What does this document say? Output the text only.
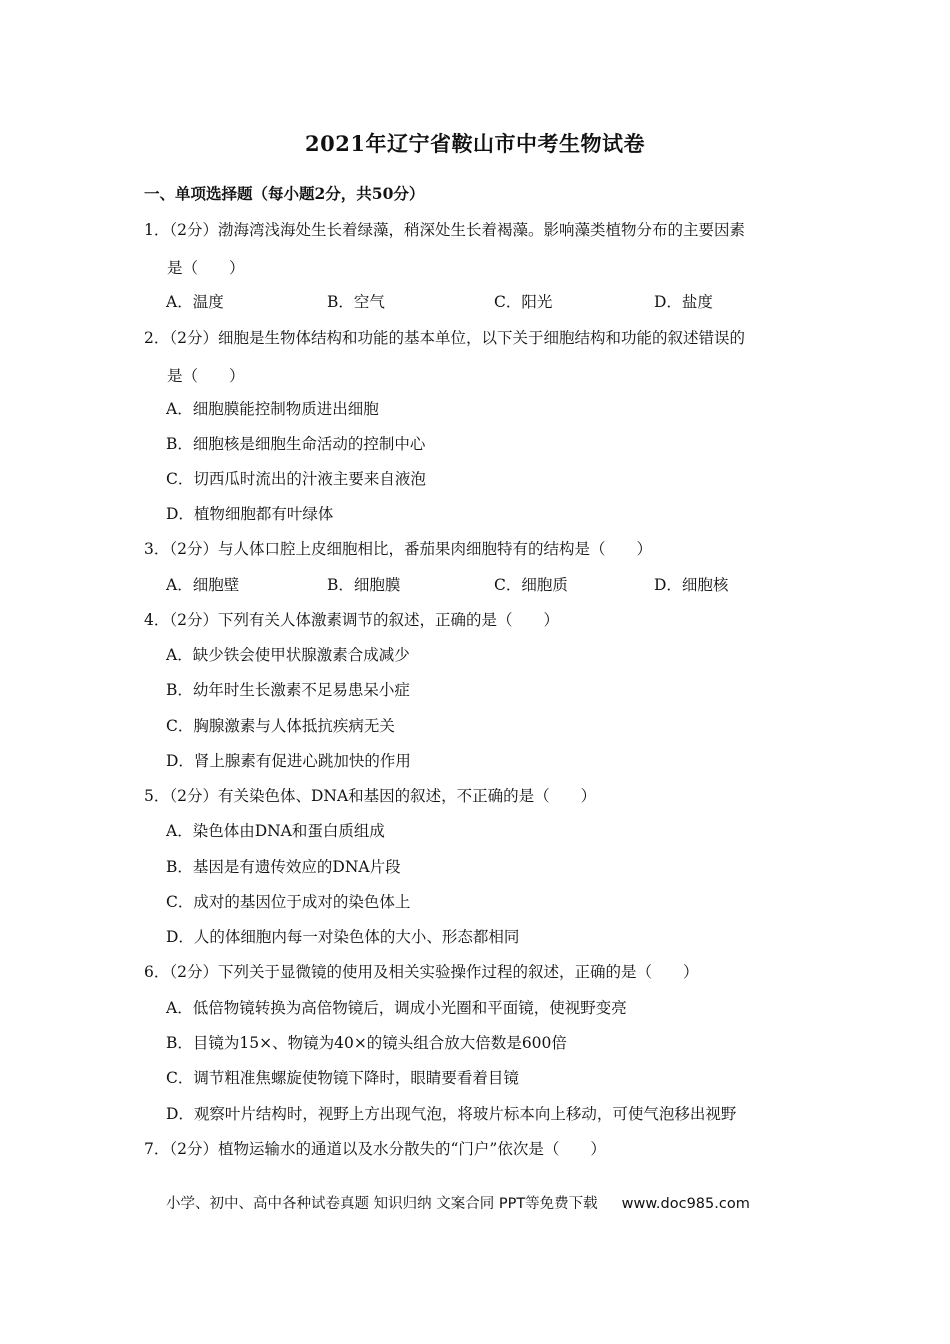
2021年辽宁省鞍山市中考生物试卷
一、单项选择题（每小题2分，共50分）
1．（2分）渤海湾浅海处生长着绿藻，稍深处生长着褐藻。影响藻类植物分布的主要因素
是（　　）
A．温度	B．空气	C．阳光	D．盐度
2．（2分）细胞是生物体结构和功能的基本单位，以下关于细胞结构和功能的叙述错误的
是（　　）
A．细胞膜能控制物质进出细胞
B．细胞核是细胞生命活动的控制中心
C．切西瓜时流出的汁液主要来自液泡
D．植物细胞都有叶绿体
3．（2分）与人体口腔上皮细胞相比，番茄果肉细胞特有的结构是（　　）
A．细胞壁	B．细胞膜	C．细胞质	D．细胞核
4．（2分）下列有关人体激素调节的叙述，正确的是（　　）
A．缺少铁会使甲状腺激素合成减少
B．幼年时生长激素不足易患呆小症
C．胸腺激素与人体抵抗疾病无关
D．肾上腺素有促进心跳加快的作用
5．（2分）有关染色体、DNA和基因的叙述，不正确的是（　　）
A．染色体由DNA和蛋白质组成
B．基因是有遗传效应的DNA片段
C．成对的基因位于成对的染色体上
D．人的体细胞内每一对染色体的大小、形态都相同
6．（2分）下列关于显微镜的使用及相关实验操作过程的叙述，正确的是（　　）
A．低倍物镜转换为高倍物镜后，调成小光圈和平面镜，使视野变亮
B．目镜为15×、物镜为40×的镜头组合放大倍数是600倍
C．调节粗准焦螺旋使物镜下降时，眼睛要看着目镜
D．观察叶片结构时，视野上方出现气泡，将玻片标本向上移动，可使气泡移出视野
7．（2分）植物运输水的通道以及水分散失的“门户”依次是（　　）
小学、初中、高中各种试卷真题 知识归纳 文案合同 PPT等免费下载 www.doc985.com
